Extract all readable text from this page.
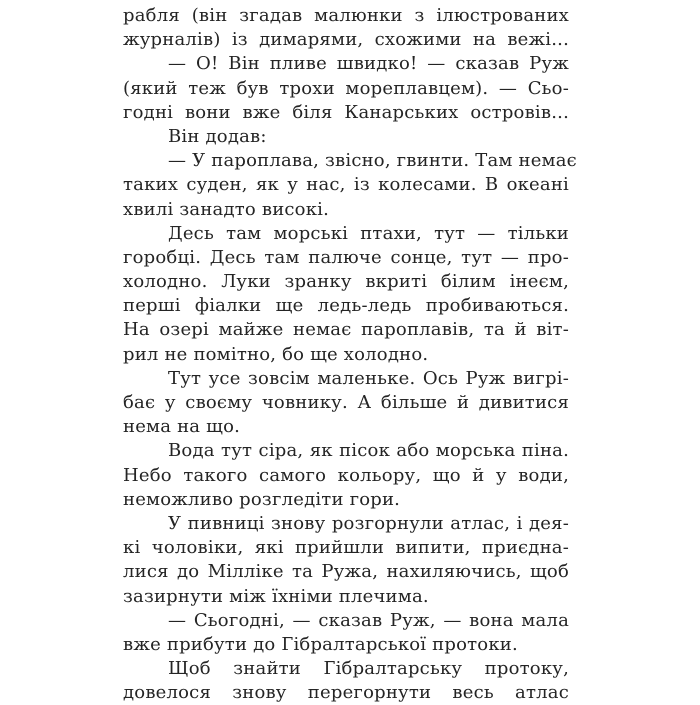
рабля (він згадав малюнки з ілюстрованих
журналів) із димарями, схожими на вежі...
— О! Він пливе швидко! — сказав Руж
(який теж був трохи мореплавцем). — Сьо-
годні вони вже біля Канарських островів...
Він додав:
— У пароплава, звісно, гвинти. Там немає
таких суден, як у нас, із колесами. В океані
хвилі занадто високі.
Десь там морські птахи, тут — тільки
горобці. Десь там палюче сонце, тут — про-
холодно. Луки зранку вкриті білим інеєм,
перші фіалки ще ледь-ледь пробиваються.
На озері майже немає пароплавів, та й віт-
рил не помітно, бо ще холодно.
Тут усе зовсім маленьке. Ось Руж вигрі-
бає у своєму човнику. А більше й дивитися
нема на що.
Вода тут сіра, як пісок або морська піна.
Небо такого самого кольору, що й у води,
неможливо розгледіти гори.
У пивниці знову розгорнули атлас, і дея-
кі чоловіки, які прийшли випити, приєдна-
лися до Мілліке та Ружа, нахиляючись, щоб
зазирнути між їхніми плечима.
— Сьогодні, — сказав Руж, — вона мала
вже прибути до Гібралтарської протоки.
Щоб знайти Гібралтарську протоку,
довелося знову перегорнути весь атлас
